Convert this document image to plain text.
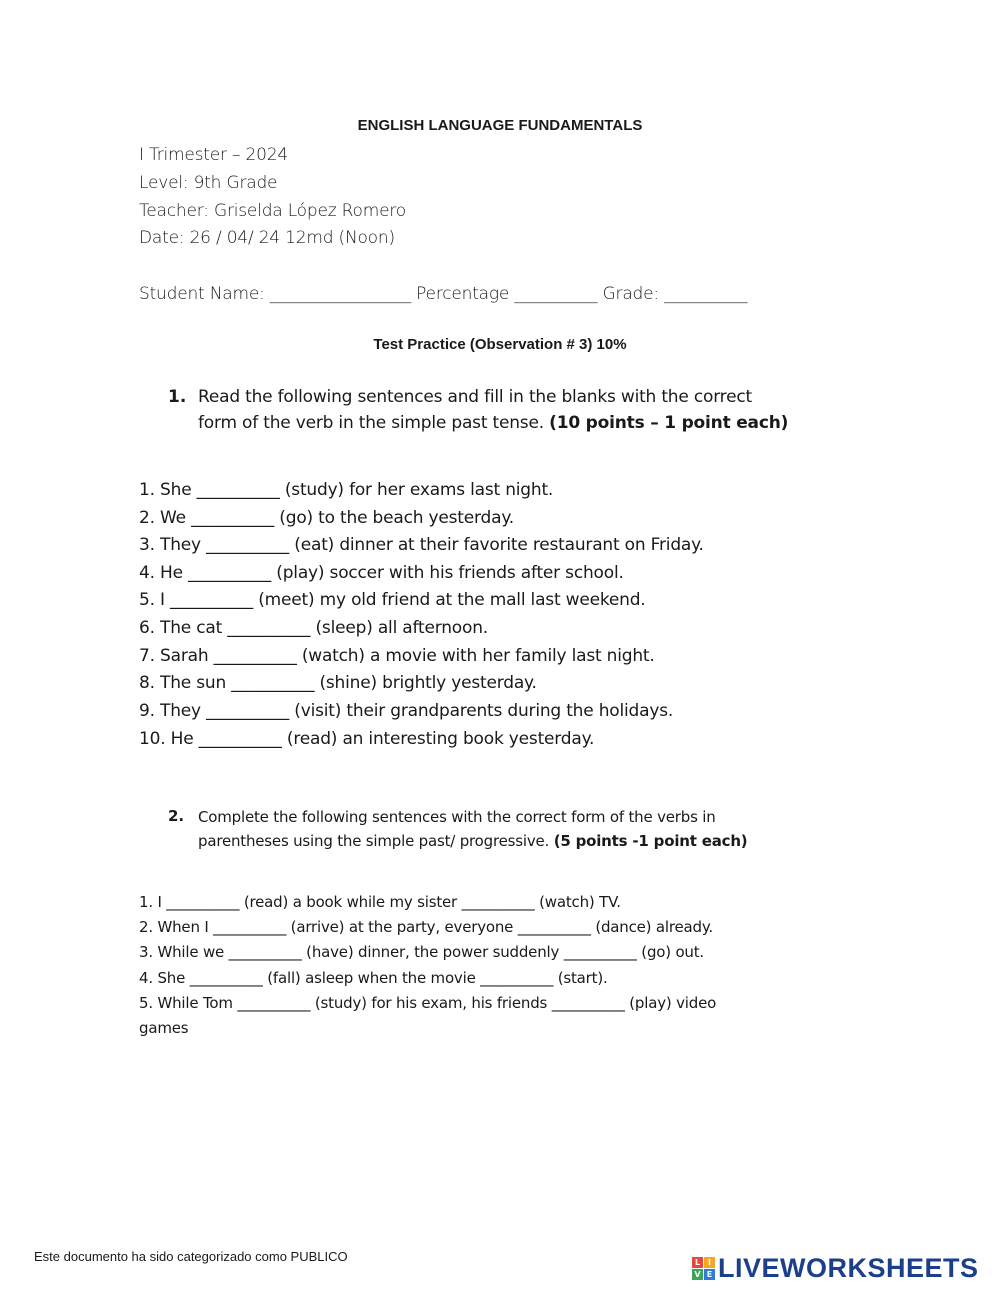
ENGLISH LANGUAGE FUNDAMENTALS
I Trimester – 2024
Level: 9th Grade
Teacher: Griselda López Romero
Date: 26 / 04/ 24 12md (Noon)
Student Name: _________________ Percentage __________ Grade: __________
Test Practice (Observation # 3) 10%
1. Read the following sentences and fill in the blanks with the correct
form of the verb in the simple past tense. (10 points – 1 point each)
1. She __________ (study) for her exams last night.
2. We __________ (go) to the beach yesterday.
3. They __________ (eat) dinner at their favorite restaurant on Friday.
4. He __________ (play) soccer with his friends after school.
5. I __________ (meet) my old friend at the mall last weekend.
6. The cat __________ (sleep) all afternoon.
7. Sarah __________ (watch) a movie with her family last night.
8. The sun __________ (shine) brightly yesterday.
9. They __________ (visit) their grandparents during the holidays.
10. He __________ (read) an interesting book yesterday.
2. Complete the following sentences with the correct form of the verbs in
parentheses using the simple past/ progressive. (5 points -1 point each)
1. I __________ (read) a book while my sister __________ (watch) TV.
2. When I __________ (arrive) at the party, everyone __________ (dance) already.
3. While we __________ (have) dinner, the power suddenly __________ (go) out.
4. She __________ (fall) asleep when the movie __________ (start).
5. While Tom __________ (study) for his exam, his friends __________ (play) video
games
Este documento ha sido categorizado como PUBLICO	L I
V E LIVEWORKSHEETS
